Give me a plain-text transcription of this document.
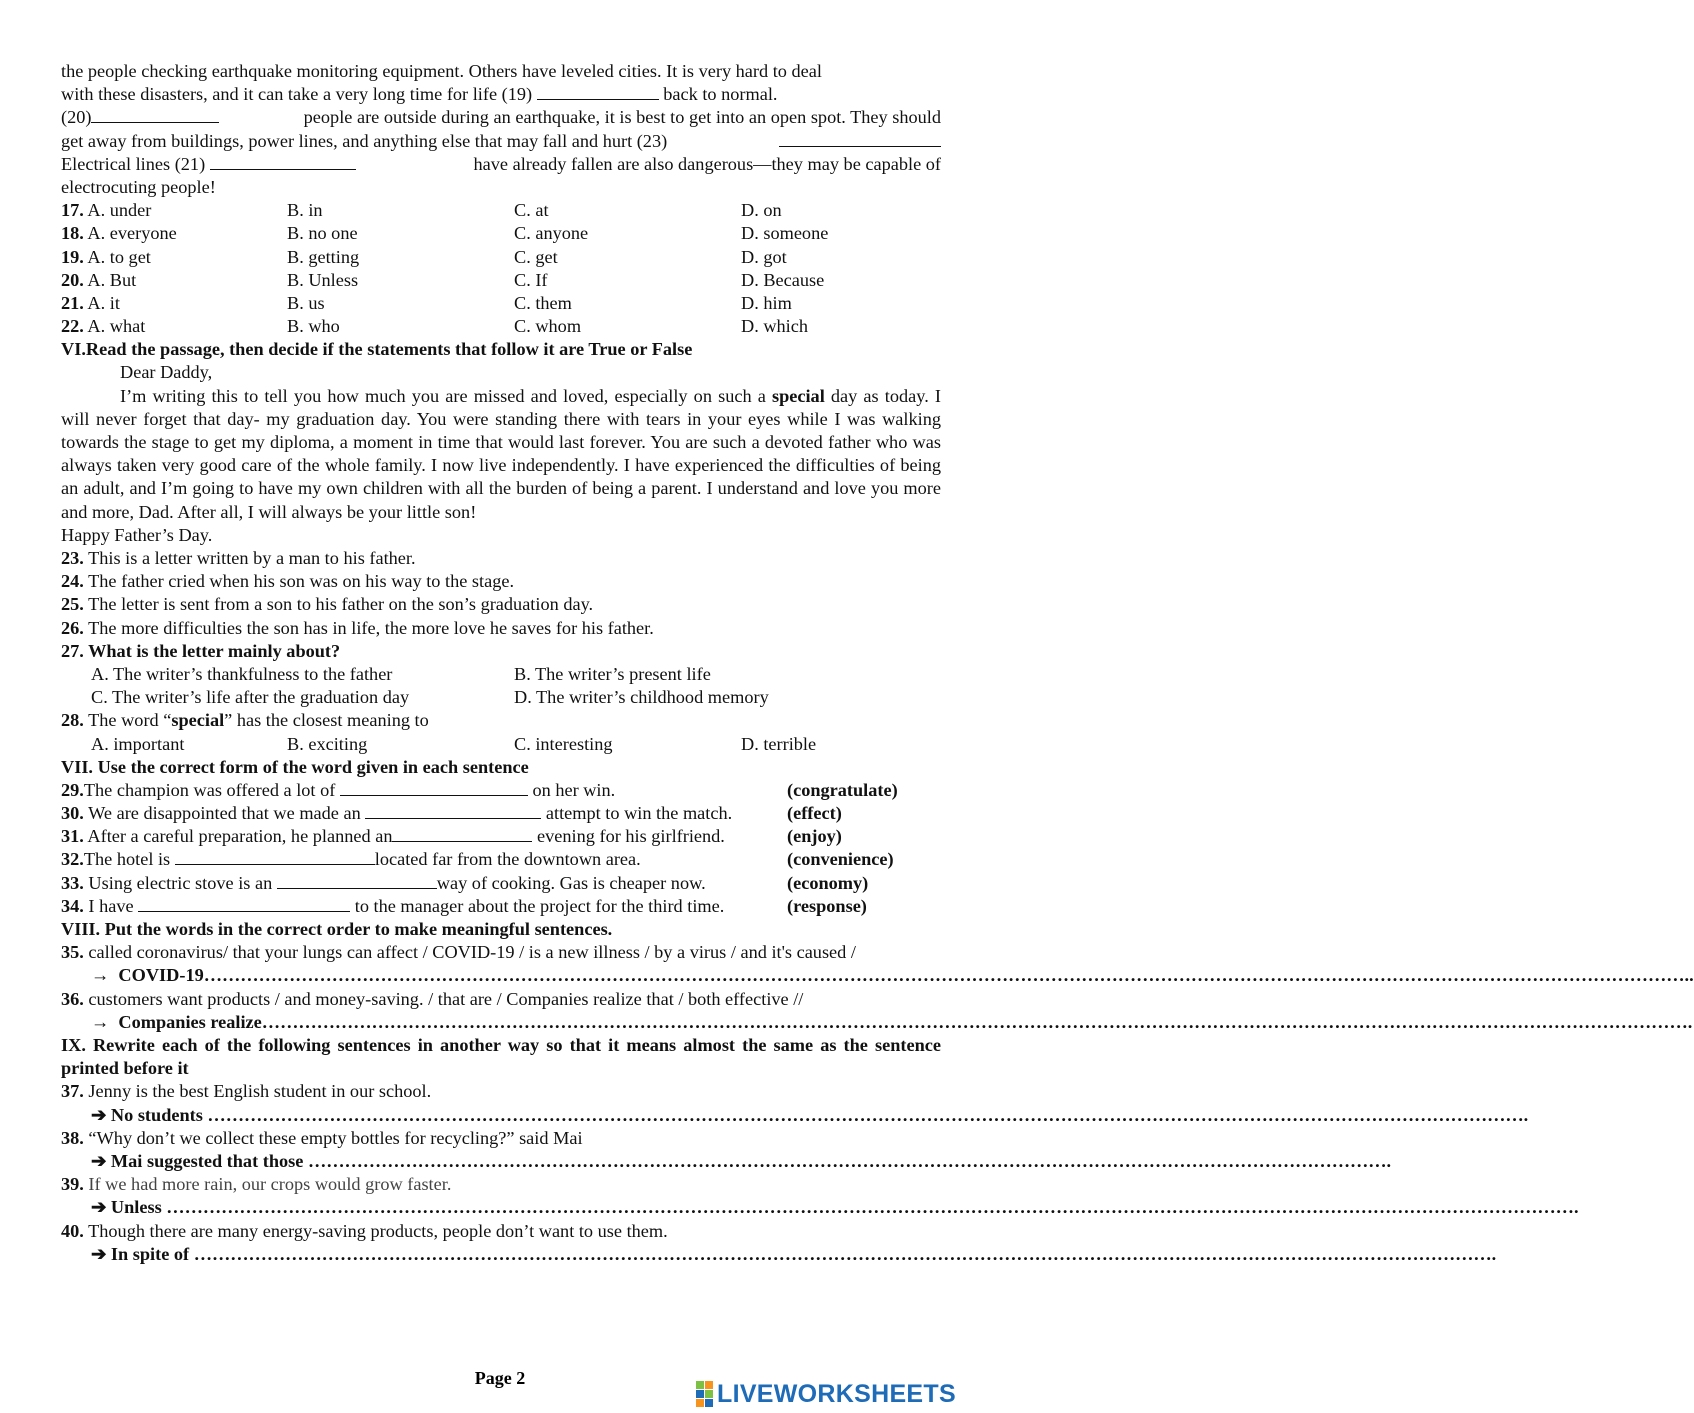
the people checking earthquake monitoring equipment. Others have leveled cities. It is very hard to deal

with these disasters, and it can take a very long time for life (19)	back to normal.

(20)	people are outside during an earthquake, it is best to get into an open spot. They should

get away from buildings, power lines, and anything else that may fall and hurt (23)

Electrical lines (21)	have already fallen are also dangerous—they may be capable of

electrocuting people!

17. A. under	B. in	C. at	D. on
18. A. everyone	B. no one	C. anyone	D. someone
19. A. to get	B. getting	C. get	D. got
20. A. But	B. Unless	C. If	D. Because
21. A. it	B. us	C. them	D. him
22. A. what	B. who	C. whom	D. which

VI.Read the passage, then decide if the statements that follow it are True or False

Dear Daddy,

I’m writing this to tell you how much you are missed and loved, especially on such a special day as today. I will never forget that day- my graduation day. You were standing there with tears in your eyes while I was walking towards the stage to get my diploma, a moment in time that would last forever. You are such a devoted father who was always taken very good care of the whole family. I now live independently. I have experienced the difficulties of being an adult, and I’m going to have my own children with all the burden of being a parent. I understand and love you more and more, Dad. After all, I will always be your little son!

Happy Father’s Day.

23. This is a letter written by a man to his father.

24. The father cried when his son was on his way to the stage.

25. The letter is sent from a son to his father on the son’s graduation day.

26. The more difficulties the son has in life, the more love he saves for his father.

27. What is the letter mainly about?

A. The writer’s thankfulness to the father	B. The writer’s present life
C. The writer’s life after the graduation day	D. The writer’s childhood memory

28. The word “special” has the closest meaning to

A. important	B. exciting	C. interesting	D. terrible

VII. Use the correct form of the word given in each sentence

29.The champion was offered a lot of	on her win.	(congratulate)
30. We are disappointed that we made an	attempt to win the match.	(effect)
31. After a careful preparation, he planned an	evening for his girlfriend.	(enjoy)
32.The hotel is	located far from the downtown area.	(convenience)
33. Using electric stove is an	way of cooking. Gas is cheaper now.	(economy)
34. I have	to the manager about the project for the third time.	(response)

VIII. Put the words in the correct order to make meaningful sentences.

35. called coronavirus/ that your lungs can affect / COVID-19 / is a new illness / by a virus / and it's caused /

→ COVID-19………………………………………………………………………………………………………………………………………………………………………………………………………………………..

36. customers want products / and money-saving. / that are / Companies realize that / both effective //

→ Companies realize……………………………………………………………………………………………………………………………………………………………………………………………………………….

IX. Rewrite each of the following sentences in another way so that it means almost the same as the sentence printed before it

37. Jenny is the best English student in our school.

➔ No students ……………………………………………………………………………………………………………………………………………………………………………………………….

38. “Why don’t we collect these empty bottles for recycling?” said Mai

➔ Mai suggested that those …………………………………………………………………………………………………………………………………………………………….

39. If we had more rain, our crops would grow faster.

➔ Unless …………………………………………………………………………………………………………………………………………………………………………………………………………….

40. Though there are many energy-saving products, people don’t want to use them.

➔ In spite of …………………………………………………………………………………………………………………………………………………………………………………………….

Page 2
LIVEWORKSHEETS
